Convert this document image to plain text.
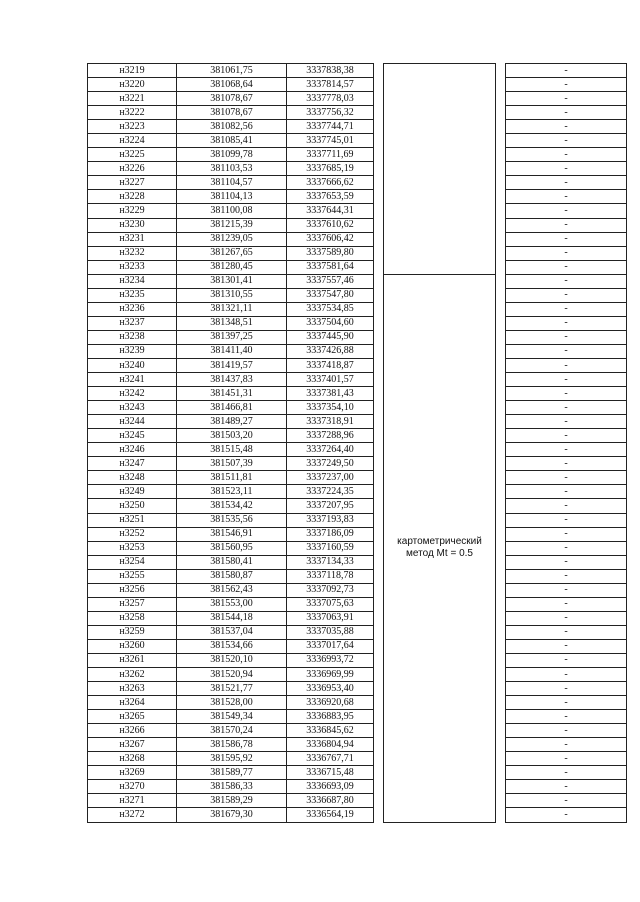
н3219	381061,75	3337838,38				-
н3220	381068,64	3337814,57				-
н3221	381078,67	3337778,03				-
н3222	381078,67	3337756,32				-
н3223	381082,56	3337744,71				-
н3224	381085,41	3337745,01				-
н3225	381099,78	3337711,69				-
н3226	381103,53	3337685,19				-
н3227	381104,57	3337666,62				-
н3228	381104,13	3337653,59				-
н3229	381100,08	3337644,31				-
н3230	381215,39	3337610,62				-
н3231	381239,05	3337606,42				-
н3232	381267,65	3337589,80				-
н3233	381280,45	3337581,64				-
н3234	381301,41	3337557,46		картометрический метод Mt = 0.5		-
н3235	381310,55	3337547,80				-
н3236	381321,11	3337534,85				-
н3237	381348,51	3337504,60				-
н3238	381397,25	3337445,90				-
н3239	381411,40	3337426,88				-
н3240	381419,57	3337418,87				-
н3241	381437,83	3337401,57				-
н3242	381451,31	3337381,43				-
н3243	381466,81	3337354,10				-
н3244	381489,27	3337318,91				-
н3245	381503,20	3337288,96				-
н3246	381515,48	3337264,40				-
н3247	381507,39	3337249,50				-
н3248	381511,81	3337237,00				-
н3249	381523,11	3337224,35				-
н3250	381534,42	3337207,95				-
н3251	381535,56	3337193,83				-
н3252	381546,91	3337186,09				-
н3253	381560,95	3337160,59				-
н3254	381580,41	3337134,33				-
н3255	381580,87	3337118,78				-
н3256	381562,43	3337092,73				-
н3257	381553,00	3337075,63				-
н3258	381544,18	3337063,91				-
н3259	381537,04	3337035,88				-
н3260	381534,66	3337017,64				-
н3261	381520,10	3336993,72				-
н3262	381520,94	3336969,99				-
н3263	381521,77	3336953,40				-
н3264	381528,00	3336920,68				-
н3265	381549,34	3336883,95				-
н3266	381570,24	3336845,62				-
н3267	381586,78	3336804,94				-
н3268	381595,92	3336767,71				-
н3269	381589,77	3336715,48				-
н3270	381586,33	3336693,09				-
н3271	381589,29	3336687,80				-
н3272	381679,30	3336564,19				-
